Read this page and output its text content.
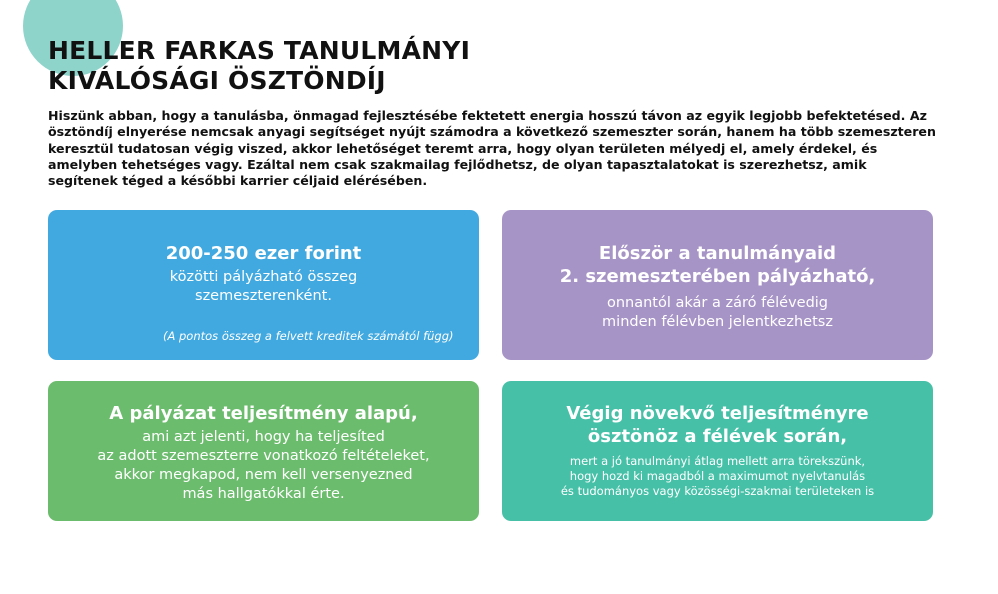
HELLER FARKAS TANULMÁNYI
KIVÁLÓSÁGI ÖSZTÖNDÍJ

Hiszünk abban, hogy a tanulásba, önmagad fejlesztésébe fektetett energia hosszú távon az egyik legjobb befektetésed. Az ösztöndíj elnyerése nemcsak anyagi segítséget nyújt számodra a következő szemeszter során, hanem ha több szemeszteren keresztül tudatosan végig viszed, akkor lehetőséget teremt arra, hogy olyan területen mélyedj el, amely érdekel, és amelyben tehetséges vagy. Ezáltal nem csak szakmailag fejlődhetsz, de olyan tapasztalatokat is szerezhetsz, amik segítenek téged a későbbi karrier céljaid elérésében.

200-250 ezer forint
közötti pályázható összeg
szemeszterenként.
(A pontos összeg a felvett kreditek számától függ)
Először a tanulmányaid
2. szemeszterében pályázható,
onnantól akár a záró félévedig
minden félévben jelentkezhetsz
A pályázat teljesítmény alapú,
ami azt jelenti, hogy ha teljesíted
az adott szemeszterre vonatkozó feltételeket,
akkor megkapod, nem kell versenyezned
más hallgatókkal érte.
Végig növekvő teljesítményre
ösztönöz a félévek során,
mert a jó tanulmányi átlag mellett arra törekszünk,
hogy hozd ki magadból a maximumot nyelvtanulás
és tudományos vagy közösségi-szakmai területeken is
